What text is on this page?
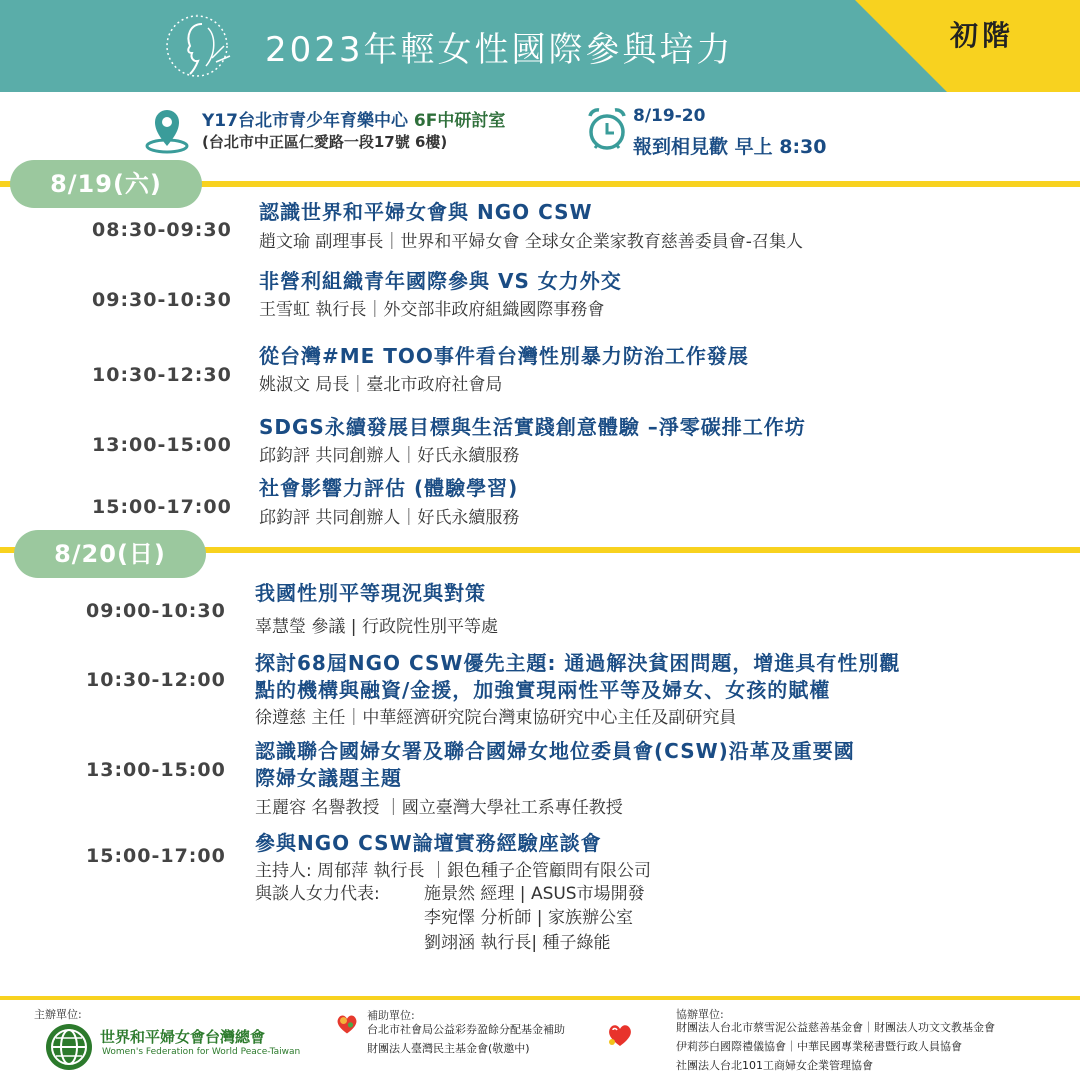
·
2023年輕女性國際參與培力	初階
Y17台北市青少年育樂中心 6F中研討室
(台北市中正區仁愛路一段17號 6樓)
8/19-20
報到相見歡 早上 8:30
8/19(六)
08:30-09:30
認識世界和平婦女會與 NGO CSW
趙文瑜 副理事長｜世界和平婦女會 全球女企業家教育慈善委員會-召集人
09:30-10:30
非營利組織青年國際參與 VS 女力外交
王雪虹 執行長｜外交部非政府組織國際事務會
10:30-12:30
從台灣#ME TOO事件看台灣性別暴力防治工作發展
姚淑文 局長｜臺北市政府社會局
13:00-15:00
SDGS永續發展目標與生活實踐創意體驗 –淨零碳排工作坊
邱鈞評 共同創辦人｜好氏永續服務
15:00-17:00
社會影響力評估 (體驗學習)
邱鈞評 共同創辦人｜好氏永續服務
8/20(日)
09:00-10:30
我國性別平等現況與對策
辜慧瑩 參議 | 行政院性別平等處
10:30-12:00
探討68屆NGO CSW優先主題: 通過解決貧困問題，增進具有性別觀
點的機構與融資/金援，加強實現兩性平等及婦女、女孩的賦權
徐遵慈 主任｜中華經濟研究院台灣東協研究中心主任及副研究員
13:00-15:00
認識聯合國婦女署及聯合國婦女地位委員會(CSW)沿革及重要國
際婦女議題主題
王麗容 名譽教授 ｜國立臺灣大學社工系專任教授
15:00-17:00
參與NGO CSW論壇實務經驗座談會
主持人: 周郁萍 執行長 ｜銀色種子企管顧問有限公司
與談人女力代表:	施景然 經理 | ASUS市場開發
李宛懌 分析師 | 家族辦公室
劉翊涵 執行長| 種子綠能
主辦單位:
世界和平婦女會台灣總會
Women's Federation for World Peace-Taiwan
補助單位:
台北市社會局公益彩券盈餘分配基金補助
財團法人臺灣民主基金會(敬邀中)
協辦單位:
財團法人台北市蔡雪泥公益慈善基金會｜財團法人功文文教基金會
伊莉莎白國際禮儀協會｜中華民國專業秘書暨行政人員協會
社團法人台北101工商婦女企業管理協會
